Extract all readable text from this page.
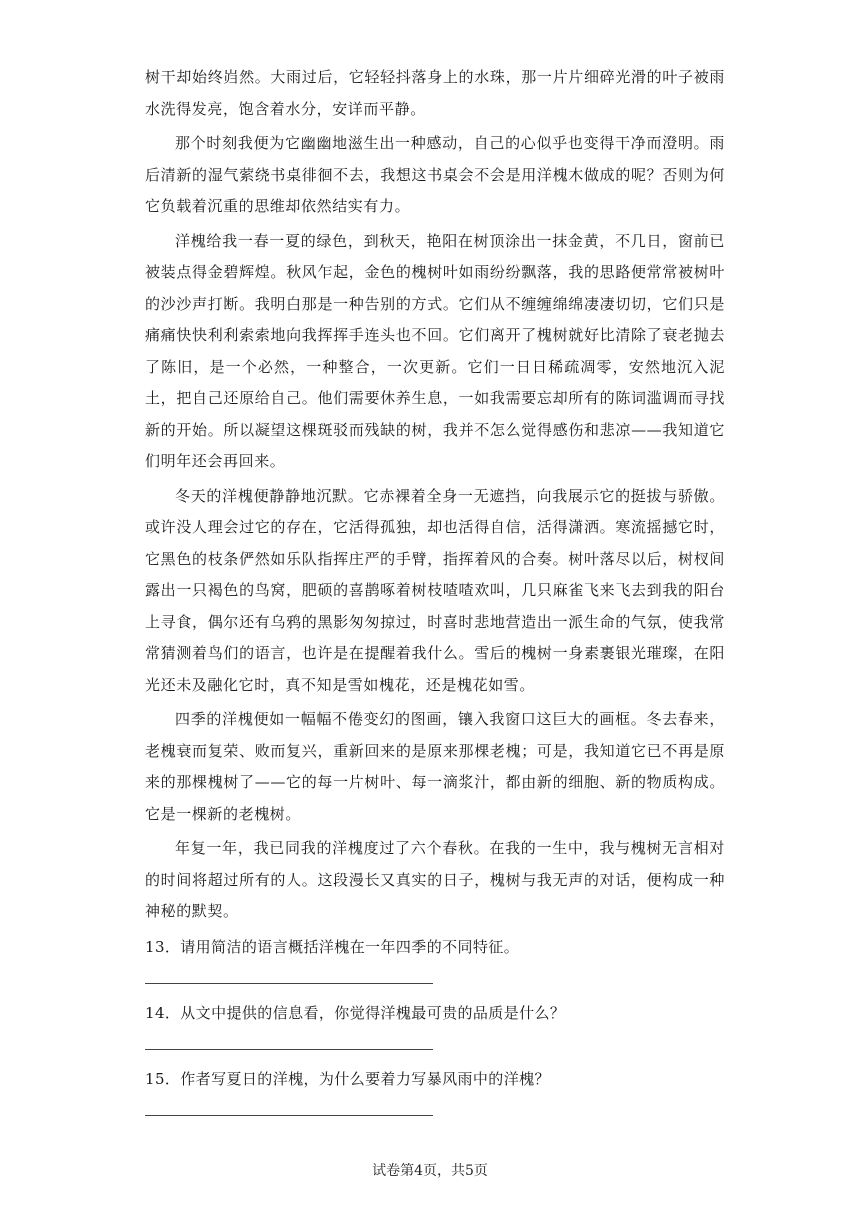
树干却始终岿然。大雨过后，它轻轻抖落身上的水珠，那一片片细碎光滑的叶子被雨水洗得发亮，饱含着水分，安详而平静。

那个时刻我便为它幽幽地滋生出一种感动，自己的心似乎也变得干净而澄明。雨后清新的湿气萦绕书桌徘徊不去，我想这书桌会不会是用洋槐木做成的呢？否则为何它负载着沉重的思维却依然结实有力。

洋槐给我一春一夏的绿色，到秋天，艳阳在树顶涂出一抹金黄，不几日，窗前已被装点得金碧辉煌。秋风乍起，金色的槐树叶如雨纷纷飘落，我的思路便常常被树叶的沙沙声打断。我明白那是一种告别的方式。它们从不缠缠绵绵凄凄切切，它们只是痛痛快快利利索索地向我挥挥手连头也不回。它们离开了槐树就好比清除了衰老抛去了陈旧，是一个必然，一种整合，一次更新。它们一日日稀疏凋零，安然地沉入泥土，把自己还原给自己。他们需要休养生息，一如我需要忘却所有的陈词滥调而寻找新的开始。所以凝望这棵斑驳而残缺的树，我并不怎么觉得感伤和悲凉——我知道它们明年还会再回来。

冬天的洋槐便静静地沉默。它赤裸着全身一无遮挡，向我展示它的挺拔与骄傲。或许没人理会过它的存在，它活得孤独，却也活得自信，活得潇洒。寒流摇撼它时，它黑色的枝条俨然如乐队指挥庄严的手臂，指挥着风的合奏。树叶落尽以后，树杈间露出一只褐色的鸟窝，肥硕的喜鹊啄着树枝喳喳欢叫，几只麻雀飞来飞去到我的阳台上寻食，偶尔还有乌鸦的黑影匆匆掠过，时喜时悲地营造出一派生命的气氛，使我常常猜测着鸟们的语言，也许是在提醒着我什么。雪后的槐树一身素裹银光璀璨，在阳光还未及融化它时，真不知是雪如槐花，还是槐花如雪。

四季的洋槐便如一幅幅不倦变幻的图画，镶入我窗口这巨大的画框。冬去春来，老槐衰而复荣、败而复兴，重新回来的是原来那棵老槐；可是，我知道它已不再是原来的那棵槐树了——它的每一片树叶、每一滴浆汁，都由新的细胞、新的物质构成。它是一棵新的老槐树。

年复一年，我已同我的洋槐度过了六个春秋。在我的一生中，我与槐树无言相对的时间将超过所有的人。这段漫长又真实的日子，槐树与我无声的对话，便构成一种神秘的默契。

13．请用简洁的语言概括洋槐在一年四季的不同特征。

14．从文中提供的信息看，你觉得洋槐最可贵的品质是什么？

15．作者写夏日的洋槐，为什么要着力写暴风雨中的洋槐？

试卷第4页，共5页
